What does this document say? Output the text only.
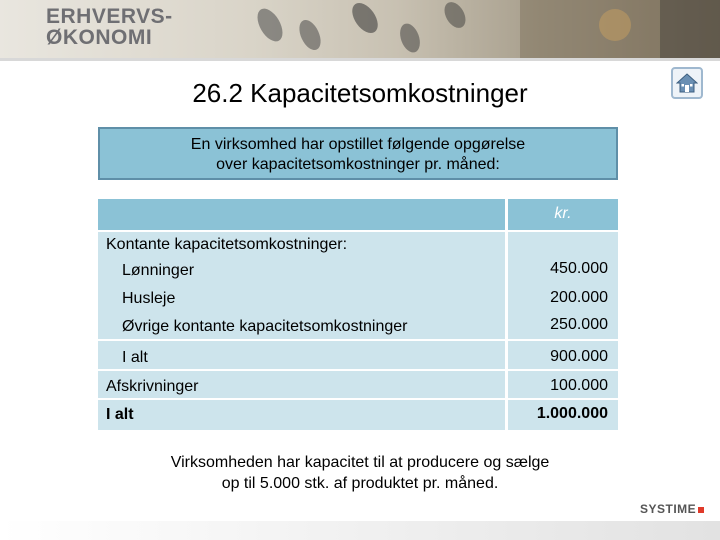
ERHVERVS-
ØKONOMI
26.2 Kapacitetsomkostninger
En virksomhed har opstillet følgende opgørelse
over kapacitetsomkostninger pr. måned:
kr.
Kontante kapacitetsomkostninger:
Lønninger	450.000
Husleje	200.000
Øvrige kontante kapacitetsomkostninger	250.000
I alt	900.000
Afskrivninger	100.000
I alt	1.000.000
Virksomheden har kapacitet til at producere og sælge
op til 5.000 stk. af produktet pr. måned.
SYSTIME
